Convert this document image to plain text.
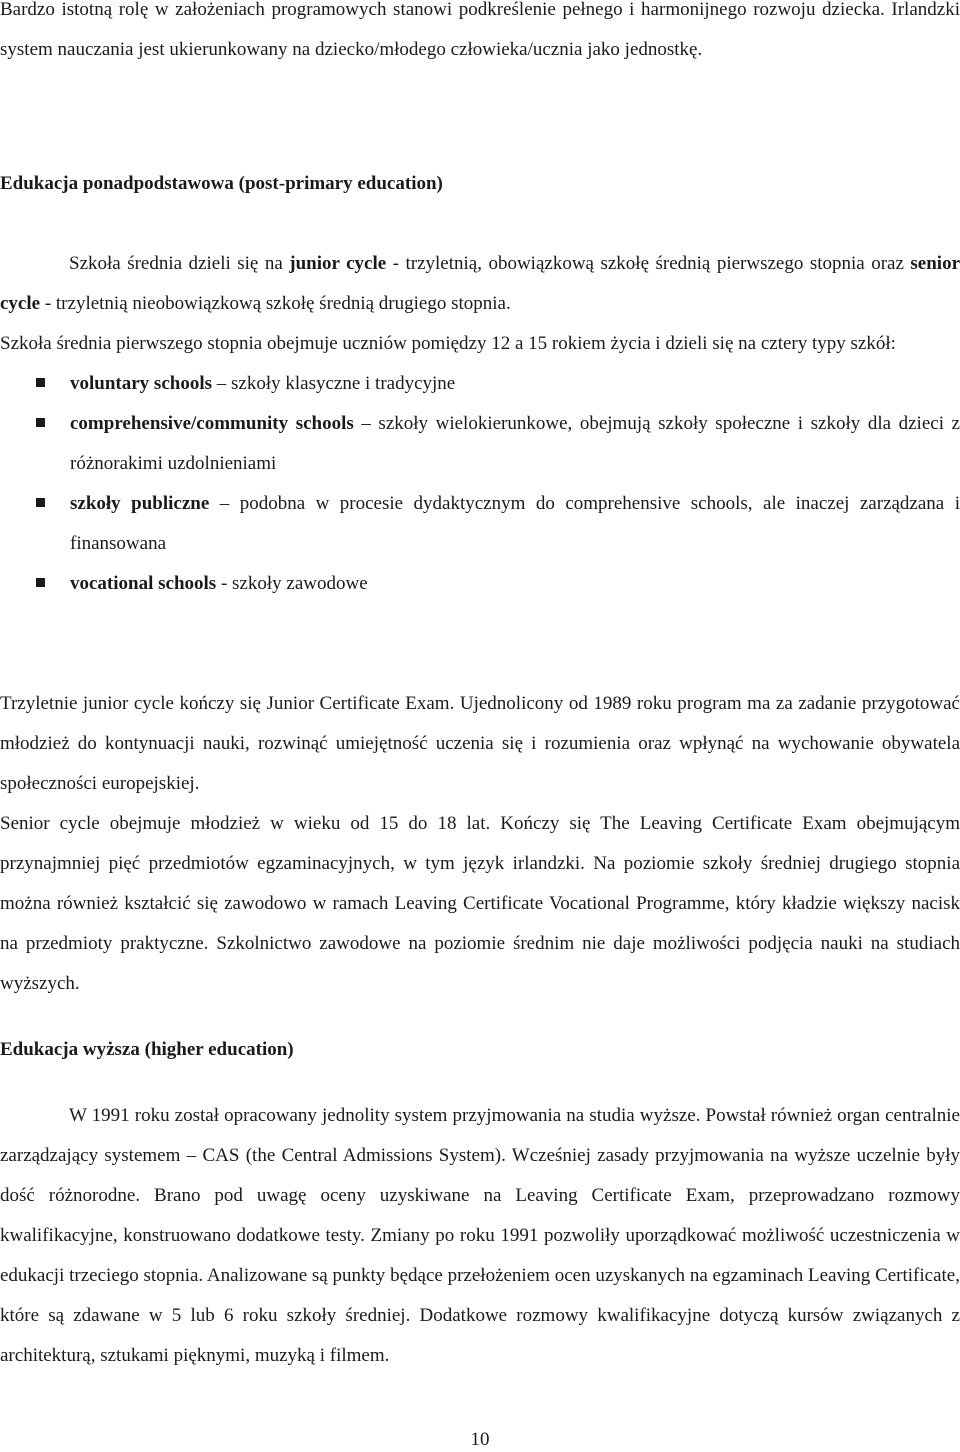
Bardzo istotną rolę w założeniach programowych stanowi podkreślenie pełnego i harmonijnego rozwoju dziecka. Irlandzki system nauczania jest ukierunkowany na dziecko/młodego człowieka/ucznia jako jednostkę.

Edukacja ponadpodstawowa (post-primary education)

Szkoła średnia dzieli się na junior cycle - trzyletnią, obowiązkową szkołę średnią pierwszego stopnia oraz senior cycle - trzyletnią nieobowiązkową szkołę średnią drugiego stopnia.

Szkoła średnia pierwszego stopnia obejmuje uczniów pomiędzy 12 a 15 rokiem życia i dzieli się na cztery typy szkół:

voluntary schools – szkoły klasyczne i tradycyjne
comprehensive/community schools – szkoły wielokierunkowe, obejmują szkoły społeczne i szkoły dla dzieci z różnorakimi uzdolnieniami
szkoły publiczne – podobna w procesie dydaktycznym do comprehensive schools, ale inaczej zarządzana i finansowana
vocational schools - szkoły zawodowe

Trzyletnie junior cycle kończy się Junior Certificate Exam. Ujednolicony od 1989 roku program ma za zadanie przygotować młodzież do kontynuacji nauki, rozwinąć umiejętność uczenia się i rozumienia oraz wpłynąć na wychowanie obywatela społeczności europejskiej.

Senior cycle obejmuje młodzież w wieku od 15 do 18 lat. Kończy się The Leaving Certificate Exam obejmującym przynajmniej pięć przedmiotów egzaminacyjnych, w tym język irlandzki. Na poziomie szkoły średniej drugiego stopnia można również kształcić się zawodowo w ramach Leaving Certificate Vocational Programme, który kładzie większy nacisk na przedmioty praktyczne. Szkolnictwo zawodowe na poziomie średnim nie daje możliwości podjęcia nauki na studiach wyższych.

Edukacja wyższa (higher education)

W 1991 roku został opracowany jednolity system przyjmowania na studia wyższe. Powstał również organ centralnie zarządzający systemem – CAS (the Central Admissions System). Wcześniej zasady przyjmowania na wyższe uczelnie były dość różnorodne. Brano pod uwagę oceny uzyskiwane na Leaving Certificate Exam, przeprowadzano rozmowy kwalifikacyjne, konstruowano dodatkowe testy. Zmiany po roku 1991 pozwoliły uporządkować możliwość uczestniczenia w edukacji trzeciego stopnia. Analizowane są punkty będące przełożeniem ocen uzyskanych na egzaminach Leaving Certificate, które są zdawane w 5 lub 6 roku szkoły średniej. Dodatkowe rozmowy kwalifikacyjne dotyczą kursów związanych z architekturą, sztukami pięknymi, muzyką i filmem.

10
